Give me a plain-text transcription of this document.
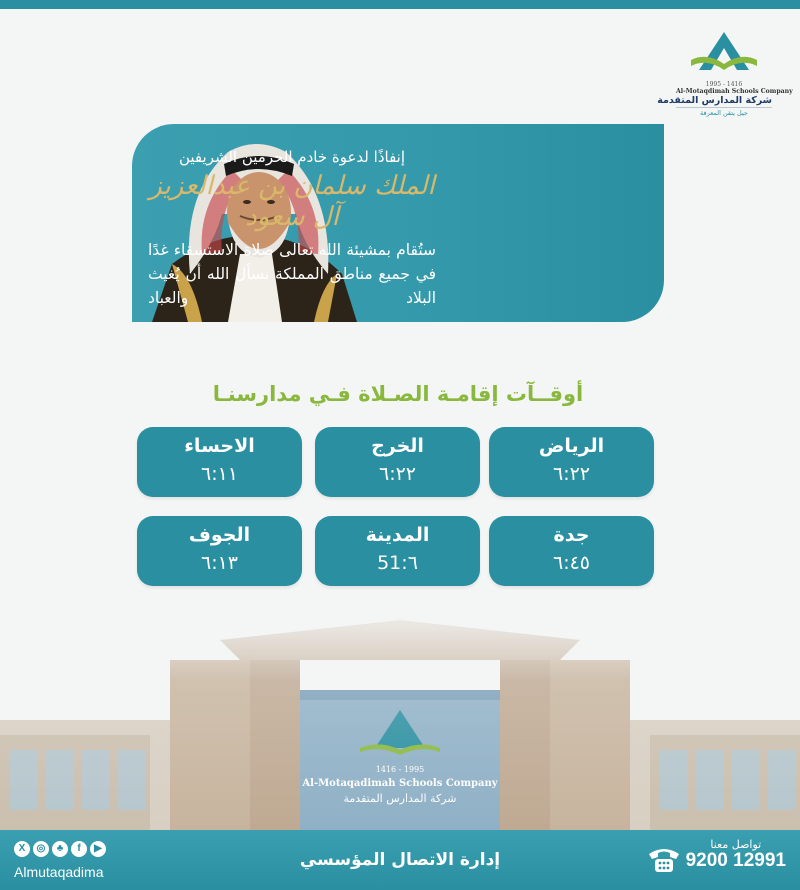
1995 - 1416
Al-Motaqdimah Schools Company
شركة المدارس المتقدمة
جيل يتقن المعرفة
إنفاذًا لدعوة خادم الحرمين الشريفين
الملك سلمان بن عبدالعزيز آل سعود
ستُقام بمشيئة الله تعالى صلاة الاستسقاء غدًا في جميع مناطق المملكة نسأل الله أن يُغيث البلاد والعباد
أوقــآت إقامـة الصـلاة فـي مدارسنـا
الرياض
٦:٢٢
الخرج
٦:٢٢
الاحساء
٦:١١
جدة
٦:٤٥
المدينة
٦:51
الجوف
٦:١٣
X	◎	♣	f	▶
Almutaqadima
إدارة الاتصال المؤسسي
تواصل معنا
9200 12991
